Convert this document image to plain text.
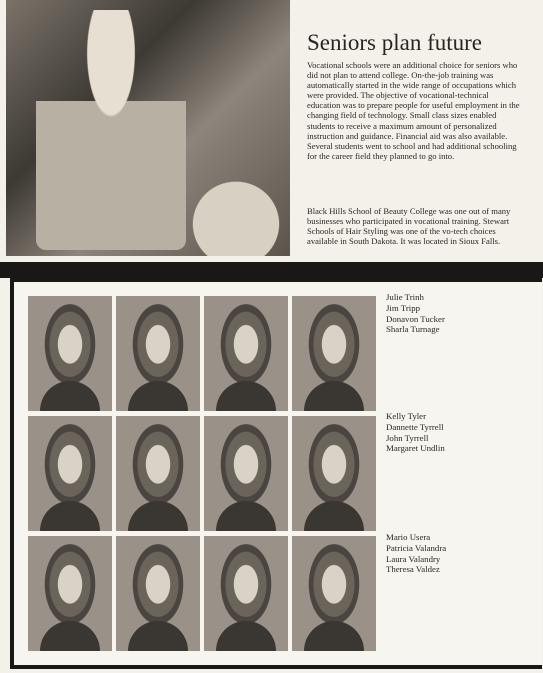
Seniors plan future

Vocational schools were an additional choice for seniors who did not plan to attend college. On-the-job training was automatically started in the wide range of occupations which were provided. The objective of vocational-technical education was to prepare people for useful employment in the changing field of technology. Small class sizes enabled students to receive a maximum amount of personalized instruction and guidance. Financial aid was also available. Several students went to school and had additional schooling for the career field they planned to go into.

Black Hills School of Beauty College was one out of many businesses who participated in vocational training. Stewart Schools of Hair Styling was one of the vo-tech choices available in South Dakota. It was located in Sioux Falls.

Julie Trinh
Jim Tripp
Donavon Tucker
Sharla Turnage
Kelly Tyler
Dannette Tyrrell
John Tyrrell
Margaret Undlin
Mario Usera
Patricia Valandra
Laura Valandry
Theresa Valdez
